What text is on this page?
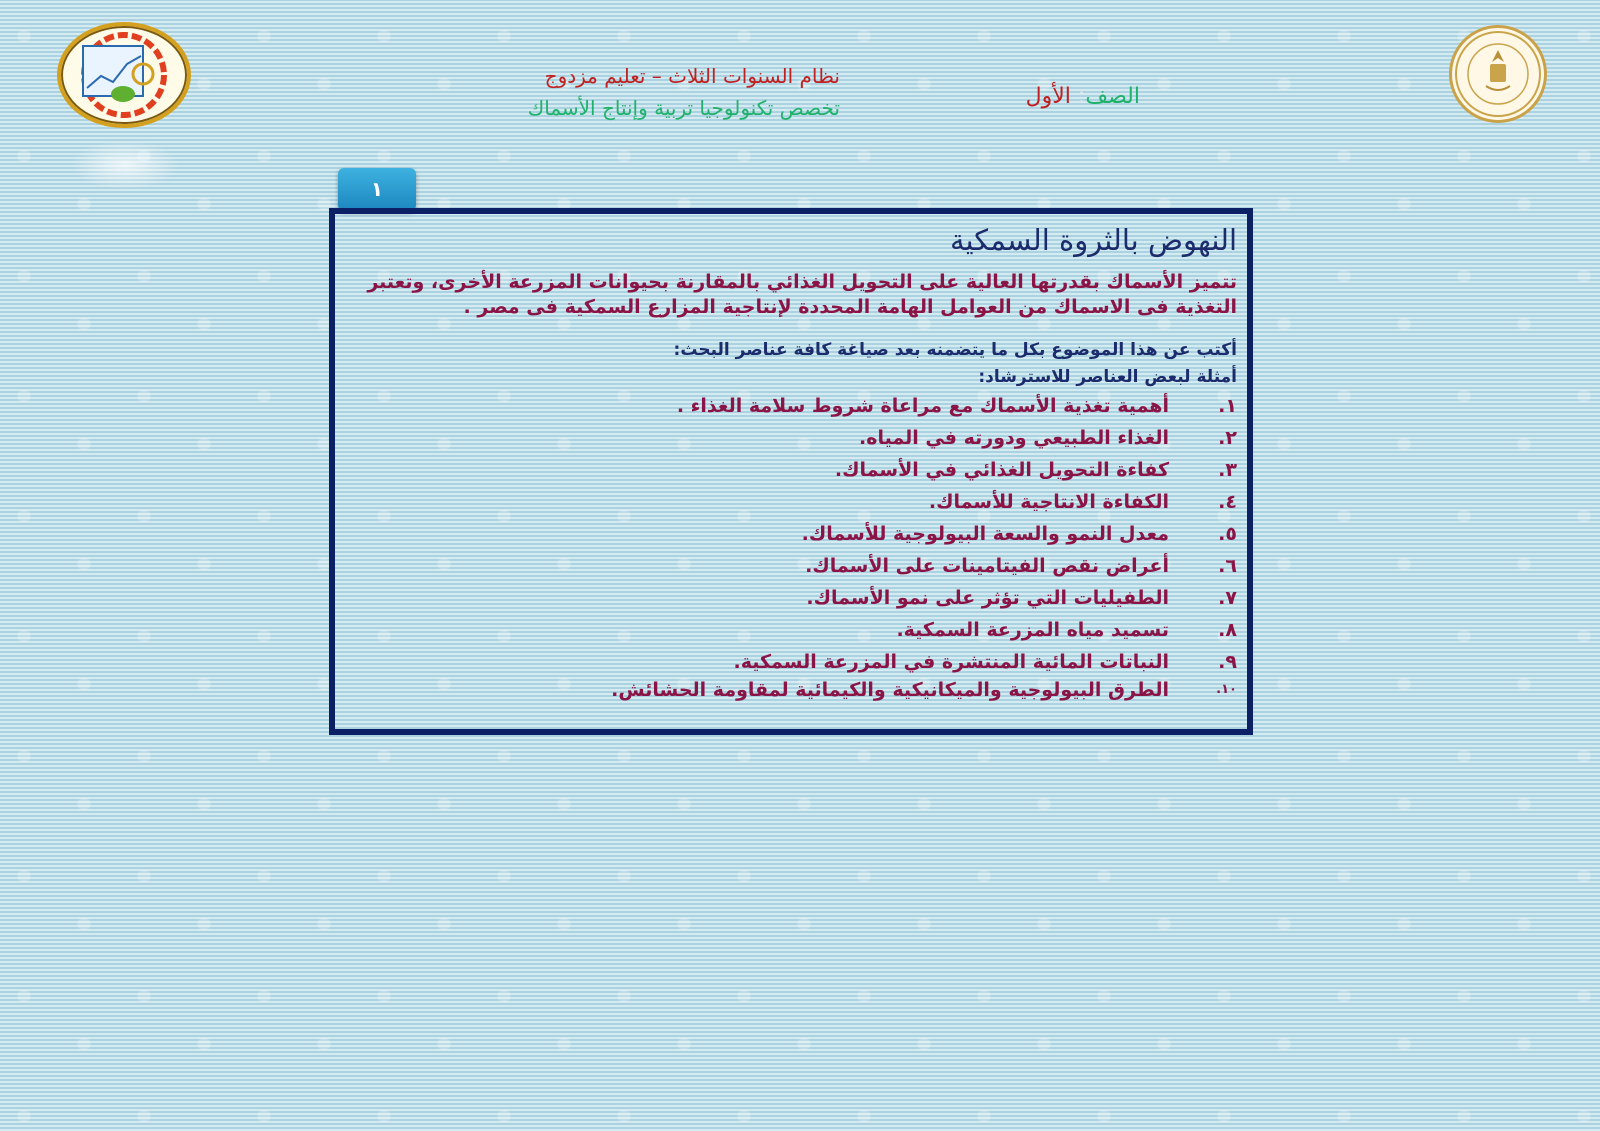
نظام السنوات الثلاث – تعليم مزدوج
تخصص تكنولوجيا تربية وإنتاج الأسماك	الصف: الأول
١
النهوض بالثروة السمكية
تتميز الأسماك بقدرتها العالية على التحويل الغذائي بالمقارنة بحيوانات المزرعة الأخرى، وتعتبر التغذية فى الاسماك من العوامل الهامة المحددة لإنتاجية المزارع السمكية فى مصر .
أكتب عن هذا الموضوع بكل ما يتضمنه بعد صياغة كافة عناصر البحث:
أمثلة لبعض العناصر للاسترشاد:
١.
أهمية تغذية الأسماك مع مراعاة شروط سلامة الغذاء .
٢.
الغذاء الطبيعي ودورته في المياه.
٣.
كفاءة التحويل الغذائي في الأسماك.
٤.
الكفاءة الانتاجية للأسماك.
٥.
معدل النمو والسعة البيولوجية للأسماك.
٦.
أعراض نقص الفيتامينات على الأسماك.
٧.
الطفيليات التي تؤثر على نمو الأسماك.
٨.
تسميد مياه المزرعة السمكية.
٩.
النباتات المائية المنتشرة في المزرعة السمكية.
١٠.
الطرق البيولوجية والميكانيكية والكيمائية لمقاومة الحشائش.
